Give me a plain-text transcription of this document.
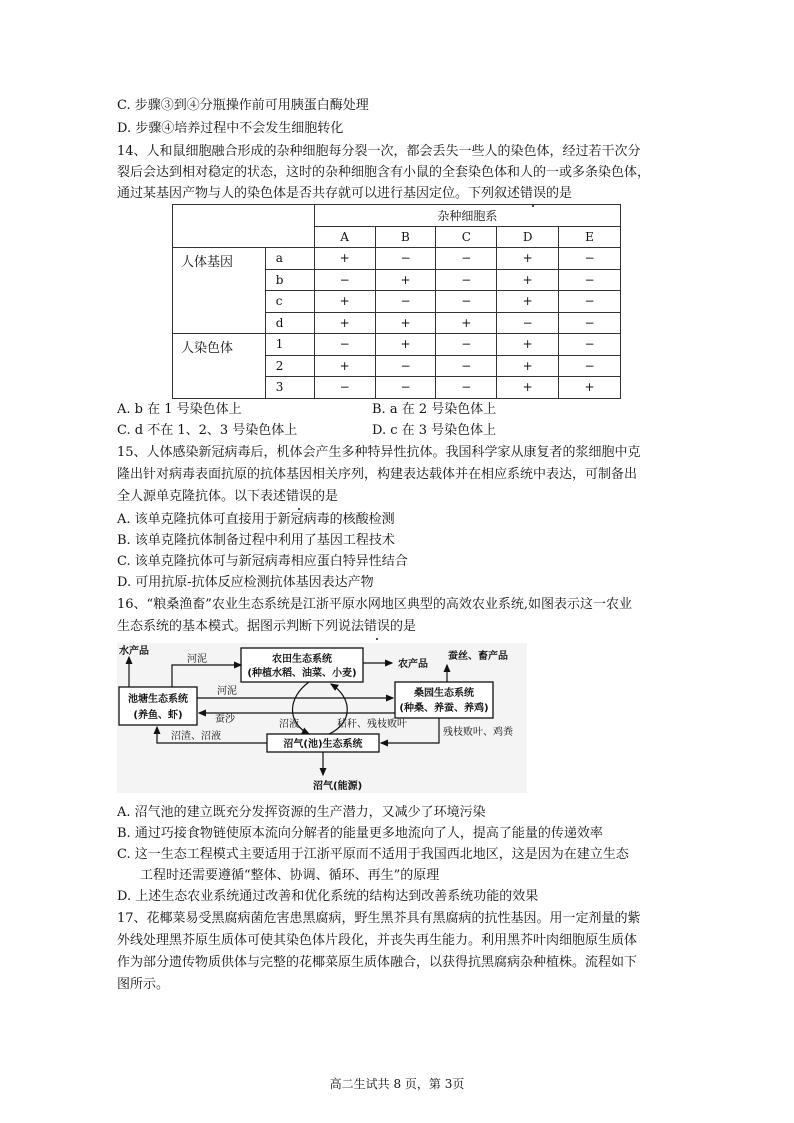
C. 步骤③到④分瓶操作前可用胰蛋白酶处理
D. 步骤④培养过程中不会发生细胞转化
14、人和鼠细胞融合形成的杂种细胞每分裂一次，都会丢失一些人的染色体，经过若干次分
裂后会达到相对稳定的状态，这时的杂种细胞含有小鼠的全套染色体和人的一或多条染色体，
通过某基因产物与人的染色体是否共存就可以进行基因定位。下列叙述错误的是
		杂种细胞系				
		A	B	C	D	E
人体基因	a	+	−	−	+	−
	b	−	+	−	+	−
	c	+	−	−	+	−
	d	+	+	+	−	−
人染色体	1	−	+	−	+	−
	2	+	−	−	+	−
	3	−	−	−	+	+
A. b 在 1 号染色体上	B. a 在 2 号染色体上
C. d 不在 1、2、3 号染色体上	D. c 在 3 号染色体上
15、人体感染新冠病毒后，机体会产生多种特异性抗体。我国科学家从康复者的浆细胞中克
隆出针对病毒表面抗原的抗体基因相关序列，构建表达载体并在相应系统中表达，可制备出
全人源单克隆抗体。以下表述错误的是
A. 该单克隆抗体可直接用于新冠病毒的核酸检测
B. 该单克隆抗体制备过程中利用了基因工程技术
C. 该单克隆抗体可与新冠病毒相应蛋白特异性结合
D. 可用抗原-抗体反应检测抗体基因表达产物
16、“粮桑渔畜”农业生态系统是江浙平原水网地区典型的高效农业系统,如图表示这一农业
生态系统的基本模式。据图示判断下列说法错误的是
池塘生态系统
(养鱼、虾)
农田生态系统
(种植水稻、油菜、小麦)
桑园生态系统
(种桑、养蚕、养鸡)
沼气(池)生态系统
水产品
河泥	农产品
蚕丝、畜产品
河泥
蚕沙
沼渣、沼液
沼液	秸秆、残枝败叶
残枝败叶、鸡粪
沼气(能源)
A. 沼气池的建立既充分发挥资源的生产潜力，又减少了环境污染
B. 通过巧接食物链使原本流向分解者的能量更多地流向了人，提高了能量的传递效率
C. 这一生态工程模式主要适用于江浙平原而不适用于我国西北地区，这是因为在建立生态
工程时还需要遵循“整体、协调、循环、再生”的原理
D. 上述生态农业系统通过改善和优化系统的结构达到改善系统功能的效果
17、花椰菜易受黑腐病菌危害患黑腐病，野生黑芥具有黑腐病的抗性基因。用一定剂量的紫
外线处理黑芥原生质体可使其染色体片段化，并丧失再生能力。利用黑芥叶肉细胞原生质体
作为部分遗传物质供体与完整的花椰菜原生质体融合，以获得抗黑腐病杂种植株。流程如下
图所示。
高二生试共 8 页，第 3页
